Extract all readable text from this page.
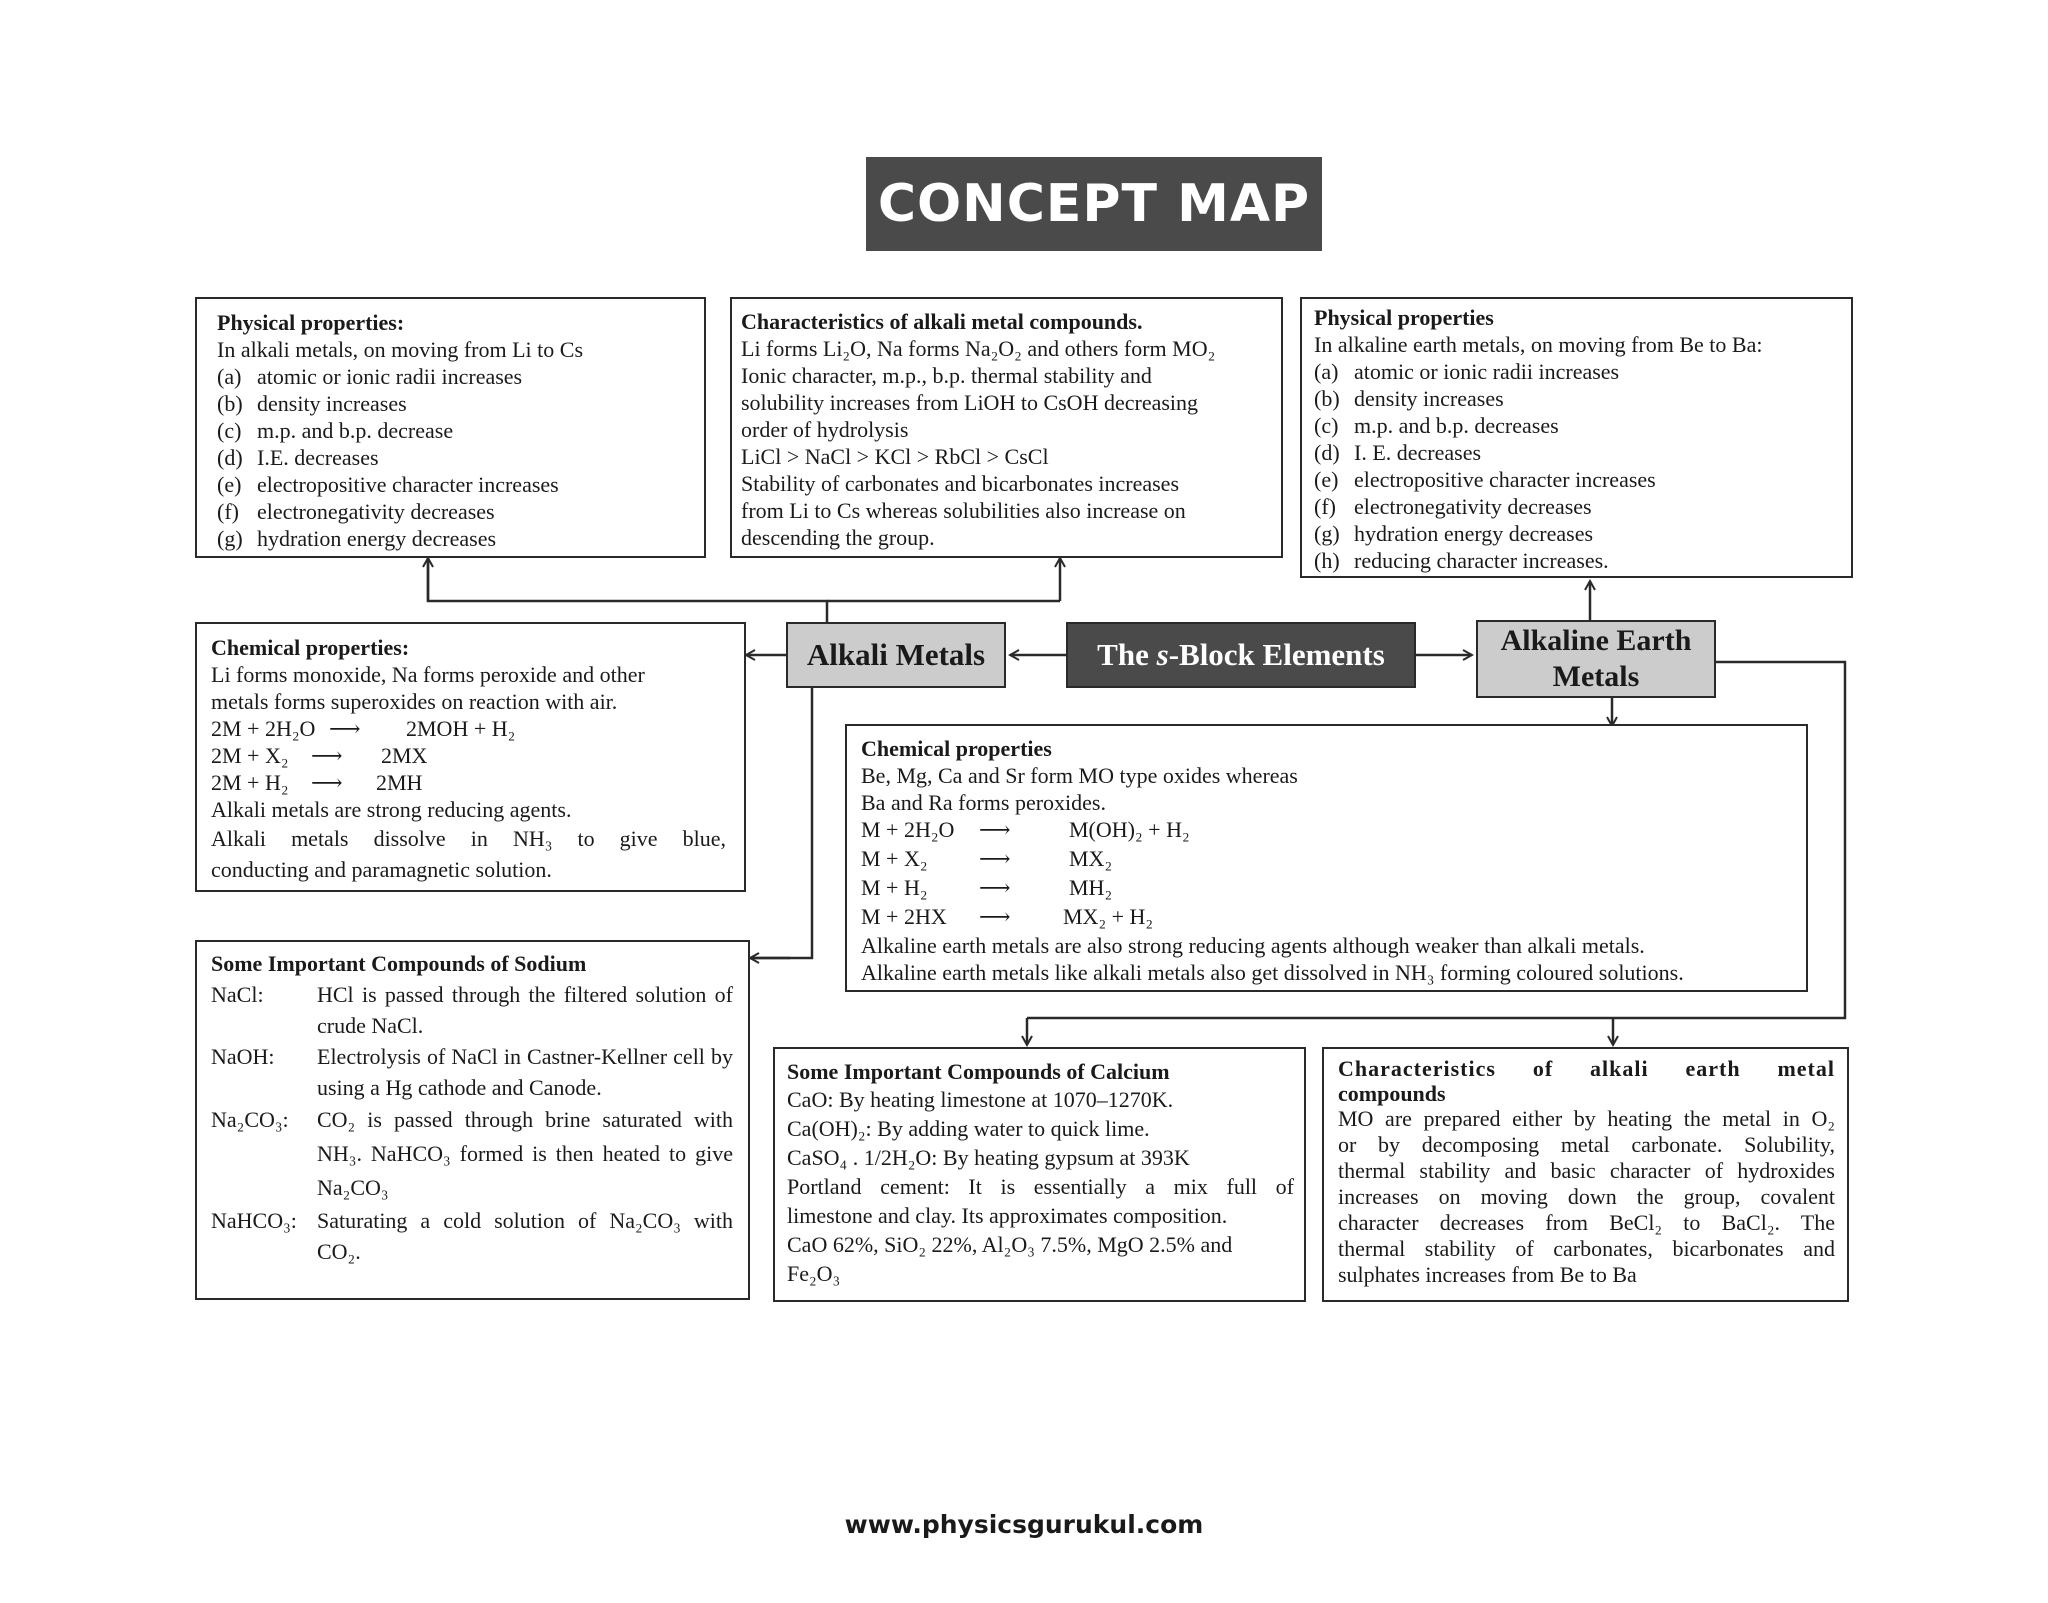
CONCEPT MAP
Physical properties:
In alkali metals, on moving from Li to Cs
(a) atomic or ionic radii increases
(b) density increases
(c) m.p. and b.p. decrease
(d) I.E. decreases
(e) electropositive character increases
(f) electronegativity decreases
(g) hydration energy decreases
Characteristics of alkali metal compounds.
Li forms Li₂O, Na forms Na₂O₂ and others form MO₂
Ionic character, m.p., b.p. thermal stability and
solubility increases from LiOH to CsOH decreasing
order of hydrolysis
LiCl > NaCl > KCl > RbCl > CsCl
Stability of carbonates and bicarbonates increases
from Li to Cs whereas solubilities also increase on
descending the group.
Physical properties
In alkaline earth metals, on moving from Be to Ba:
(a) atomic or ionic radii increases
(b) density increases
(c) m.p. and b.p. decreases
(d) I. E. decreases
(e) electropositive character increases
(f) electronegativity decreases
(g) hydration energy decreases
(h) reducing character increases.
Alkali Metals	The s -Block Elements	Alkaline Earth
Metals
Chemical properties:
Li forms monoxide, Na forms peroxide and other
metals forms superoxides on reaction with air.
2M + 2H₂O ⟶ 2MOH + H₂
2M + X₂ ⟶ 2MX
2M + H₂ ⟶ 2MH
Alkali metals are strong reducing agents.
Alkali metals dissolve in NH₃ to give blue,
conducting and paramagnetic solution.
Chemical properties
Be, Mg, Ca and Sr form MO type oxides whereas
Ba and Ra forms peroxides.
M + 2H₂O ⟶	M(OH)₂ + H₂
M + X₂ ⟶	MX₂
M + H₂ ⟶	MH₂
M + 2HX ⟶ MX₂ + H₂
Alkaline earth metals are also strong reducing agents although weaker than alkali metals.
Alkaline earth metals like alkali metals also get dissolved in NH₃ forming coloured solutions.
Some Important Compounds of Sodium
NaCl:	HCl is passed through the filtered solution of crude NaCl.
NaOH:	Electrolysis of NaCl in Castner-Kellner cell by using a Hg cathode and Canode.
Na₂CO₃:	CO₂ is passed through brine saturated with NH₃. NaHCO₃ formed is then heated to give Na₂CO₃
NaHCO₃: Saturating a cold solution of Na₂CO₃ with CO₂.
Some Important Compounds of Calcium
CaO: By heating limestone at 1070–1270K.
Ca(OH)₂: By adding water to quick lime.
CaSO₄ . 1/2H₂O: By heating gypsum at 393K
Portland cement: It is essentially a mix full of
limestone and clay. Its approximates composition.
CaO 62%, SiO₂ 22%, Al₂O₃ 7.5%, MgO 2.5% and
Fe₂O₃
Characteristics of alkali earth metal
compounds
MO are prepared either by heating the metal in O₂
or by decomposing metal carbonate. Solubility,
thermal stability and basic character of hydroxides
increases on moving down the group, covalent
character decreases from BeCl₂ to BaCl₂. The
thermal stability of carbonates, bicarbonates and
sulphates increases from Be to Ba
www.physicsgurukul.com
